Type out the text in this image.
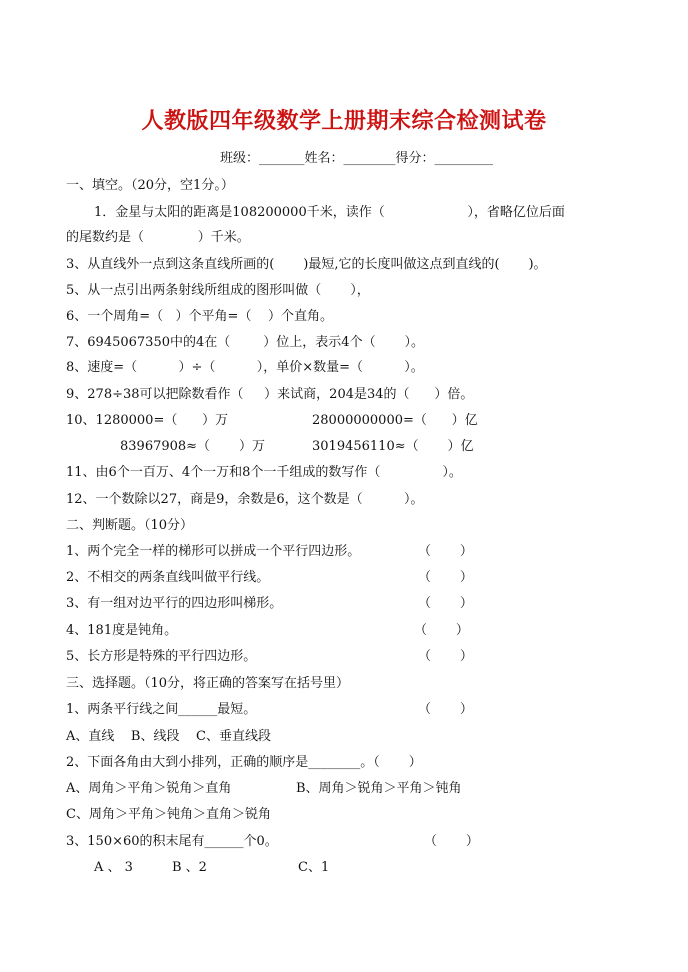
人教版四年级数学上册期末综合检测试卷
班级：_______姓名：________得分：_________
一、填空。（20分，空1分。）
1．金星与太阳的距离是108200000千米，读作（                    ），省略亿位后面
的尾数约是（             ）千米。
3、从直线外一点到这条直线所画的(       )最短,它的长度叫做这点到直线的(       )。
5、从一点引出两条射线所组成的图形叫做（       ），
6、一个周角=（   ）个平角=（    ）个直角。
7、6945067350中的4在（        ）位上，表示4个（       ）。
8、速度=（          ）÷（          ），单价×数量=（          ）。
9、278÷38可以把除数看作（     ）来试商，204是34的（      ）倍。
10、1280000=（      ）万	28000000000=（      ）亿
83967908≈（       ）万	3019456110≈（       ）亿
11、由6个一百万、4个一万和8个一千组成的数写作（               ）。
12、一个数除以27，商是9，余数是6，这个数是（          ）。
二、判断题。（10分）
1、两个完全一样的梯形可以拼成一个平行四边形。	（       ）
2、不相交的两条直线叫做平行线。	（       ）
3、有一组对边平行的四边形叫梯形。	（       ）
4、181度是钝角。	（       ）
5、长方形是特殊的平行四边形。	（       ）
三、选择题。（10分，将正确的答案写在括号里）
1、两条平行线之间______最短。	（       ）
A、直线    B、线段    C、垂直线段
2、下面各角由大到小排列，正确的顺序是________。（       ）
A、周角＞平角＞锐角＞直角	B、周角＞锐角＞平角＞钝角
C、周角＞平角＞钝角＞直角＞锐角
3、150×60的积末尾有______个0。	（       ）
A 、 3	B 、2	C、1
